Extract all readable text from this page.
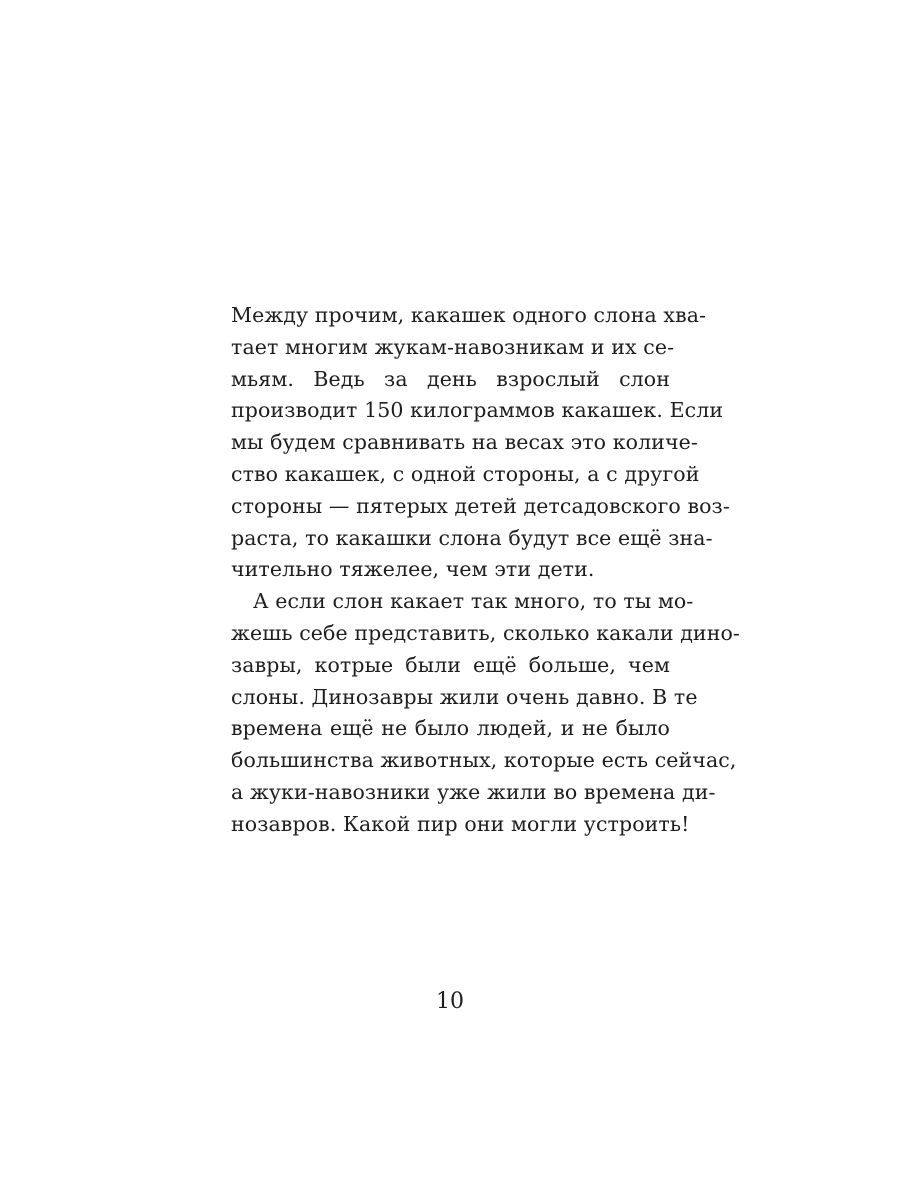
Между прочим, какашек одного слона хва-
тает многим жукам-навозникам и их се-
мьям. Ведь за день взрослый слон
производит 150 килограммов какашек. Если
мы будем сравнивать на весах это количе-
ство какашек, с одной стороны, а с другой
стороны — пятерых детей детсадовского воз-
раста, то какашки слона будут все ещё зна-
чительно тяжелее, чем эти дети.
А если слон какает так много, то ты мо-
жешь себе представить, сколько какали дино-
завры, котрые были ещё больше, чем
слоны. Динозавры жили очень давно. В те
времена ещё не было людей, и не было
большинства животных, которые есть сейчас,
а жуки-навозники уже жили во времена ди-
нозавров. Какой пир они могли устроить!
10
